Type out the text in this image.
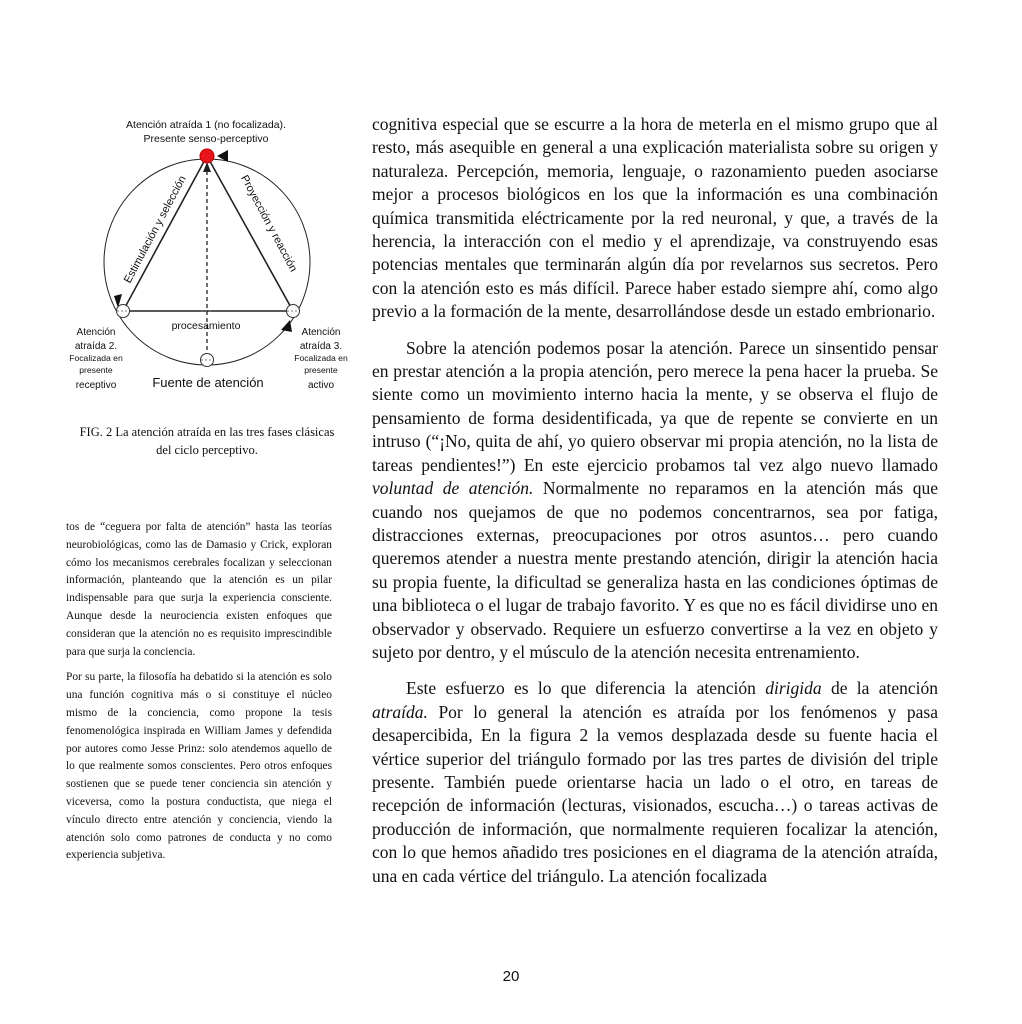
Atención atraída 1 (no focalizada).
Presente senso-perceptivo
Estimulación y selección	Proyección y reacción
procesamiento
Fuente de atención
Atención
atraída 2.
Focalizada en
presente
receptivo
Atención
atraída 3.
Focalizada en
presente
activo
FIG. 2 La atención atraída en las tres fases clásicas
del ciclo perceptivo.

tos de “ceguera por falta de atención” hasta las teorías neurobiológicas, como las de Damasio y Crick, exploran cómo los mecanismos cerebrales focalizan y seleccionan información, planteando que la atención es un pilar indispensable para que surja la experiencia consciente. Aunque desde la neurociencia existen enfoques que consideran que la atención no es requisito imprescindible para que surja la conciencia.

Por su parte, la filosofía ha debatido si la atención es solo una función cognitiva más o si constituye el núcleo mismo de la conciencia, como propone la tesis fenomenológica inspirada en William James y defendida por autores como Jesse Prinz: solo atendemos aquello de lo que realmente somos conscientes. Pero otros enfoques sostienen que se puede tener conciencia sin atención y viceversa, como la postura conductista, que niega el vínculo directo entre atención y conciencia, viendo la atención solo como patrones de conducta y no como experiencia subjetiva.

cognitiva especial que se escurre a la hora de meterla en el mismo grupo que al resto, más asequible en general a una explicación materialista sobre su origen y naturaleza. Percepción, memoria, lenguaje, o razonamiento pueden asociarse mejor a procesos biológicos en los que la información es una combinación química transmitida eléctricamente por la red neuronal, y que, a través de la herencia, la interacción con el medio y el aprendizaje, va construyendo esas potencias mentales que terminarán algún día por revelarnos sus secretos. Pero con la atención esto es más difícil. Parece haber estado siempre ahí, como algo previo a la formación de la mente, desarrollándose desde un estado embrionario.

Sobre la atención podemos posar la atención. Parece un sinsentido pensar en prestar atención a la propia atención, pero merece la pena hacer la prueba. Se siente como un movimiento interno hacia la mente, y se observa el flujo de pensamiento de forma desidentificada, ya que de repente se convierte en un intruso (“¡No, quita de ahí, yo quiero observar mi propia atención, no la lista de tareas pendientes!”) En este ejercicio probamos tal vez algo nuevo llamado voluntad de atención. Normalmente no reparamos en la atención más que cuando nos quejamos de que no podemos concentrarnos, sea por fatiga, distracciones externas, preocupaciones por otros asuntos… pero cuando queremos atender a nuestra mente prestando atención, dirigir la atención hacia su propia fuente, la dificultad se generaliza hasta en las condiciones óptimas de una biblioteca o el lugar de trabajo favorito. Y es que no es fácil dividirse uno en observador y observado. Requiere un esfuerzo convertirse a la vez en objeto y sujeto por dentro, y el músculo de la atención necesita entrenamiento.

Este esfuerzo es lo que diferencia la atención dirigida de la atención atraída. Por lo general la atención es atraída por los fenómenos y pasa desapercibida, En la figura 2 la vemos desplazada desde su fuente hacia el vértice superior del triángulo formado por las tres partes de división del triple presente. También puede orientarse hacia un lado o el otro, en tareas de recepción de información (lecturas, visionados, escucha…) o tareas activas de producción de información, que normalmente requieren focalizar la atención, con lo que hemos añadido tres posiciones en el diagrama de la atención atraída, una en cada vértice del triángulo. La atención focalizada

20
